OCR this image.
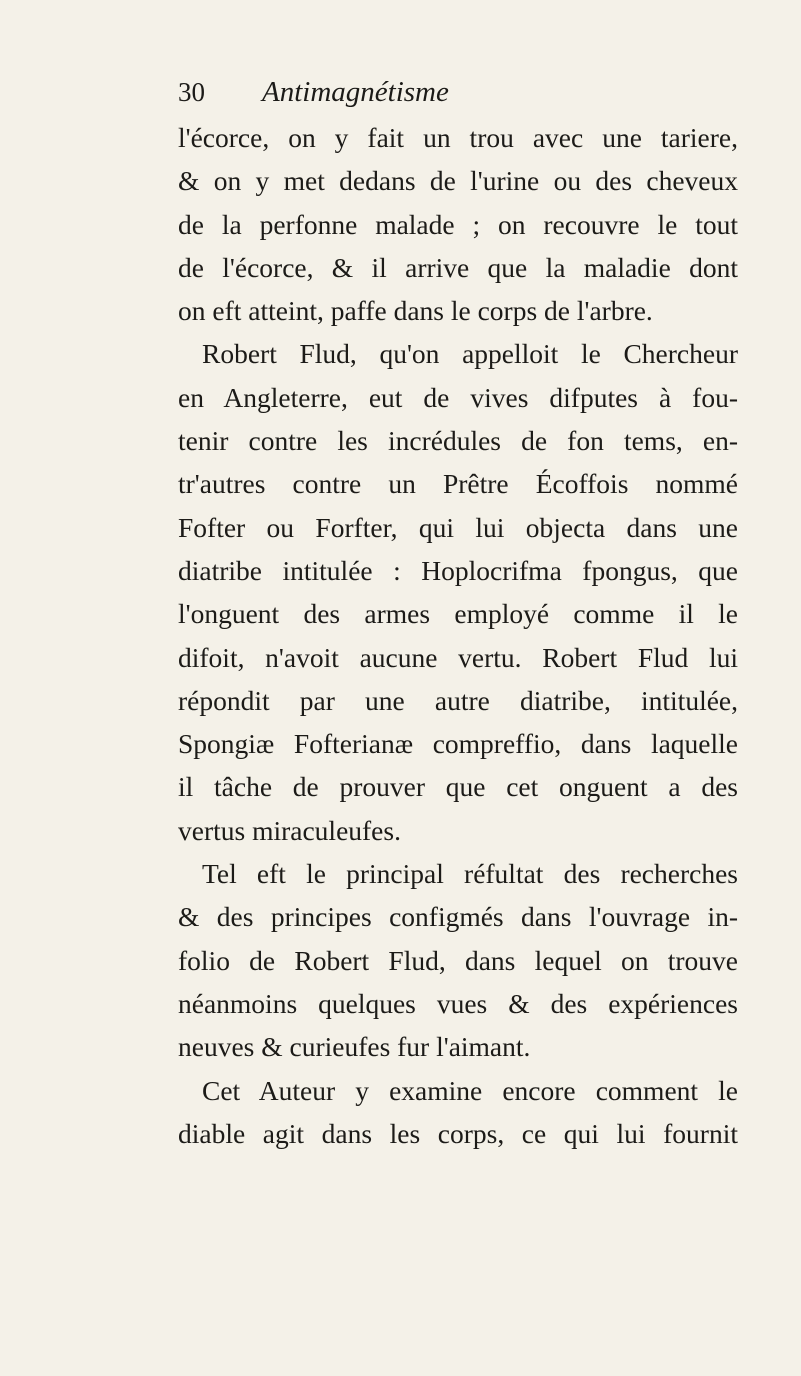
30 Antimagnétisme
l'écorce, on y fait un trou avec une tariere,
& on y met dedans de l'urine ou des cheveux
de la perfonne malade ; on recouvre le tout
de l'écorce, & il arrive que la maladie dont
on eft atteint, paffe dans le corps de l'arbre.
Robert Flud, qu'on appelloit le Chercheur
en Angleterre, eut de vives difputes à fou-
tenir contre les incrédules de fon tems, en-
tr'autres contre un Prêtre Écoffois nommé
Fofter ou Forfter, qui lui objecta dans une
diatribe intitulée : Hoplocrifma fpongus, que
l'onguent des armes employé comme il le
difoit, n'avoit aucune vertu. Robert Flud lui
répondit par une autre diatribe, intitulée,
Spongiæ Fofterianæ compreffio, dans laquelle
il tâche de prouver que cet onguent a des
vertus miraculeufes.
Tel eft le principal réfultat des recherches
& des principes configmés dans l'ouvrage in-
folio de Robert Flud, dans lequel on trouve
néanmoins quelques vues & des expériences
neuves & curieufes fur l'aimant.
Cet Auteur y examine encore comment le
diable agit dans les corps, ce qui lui fournit
